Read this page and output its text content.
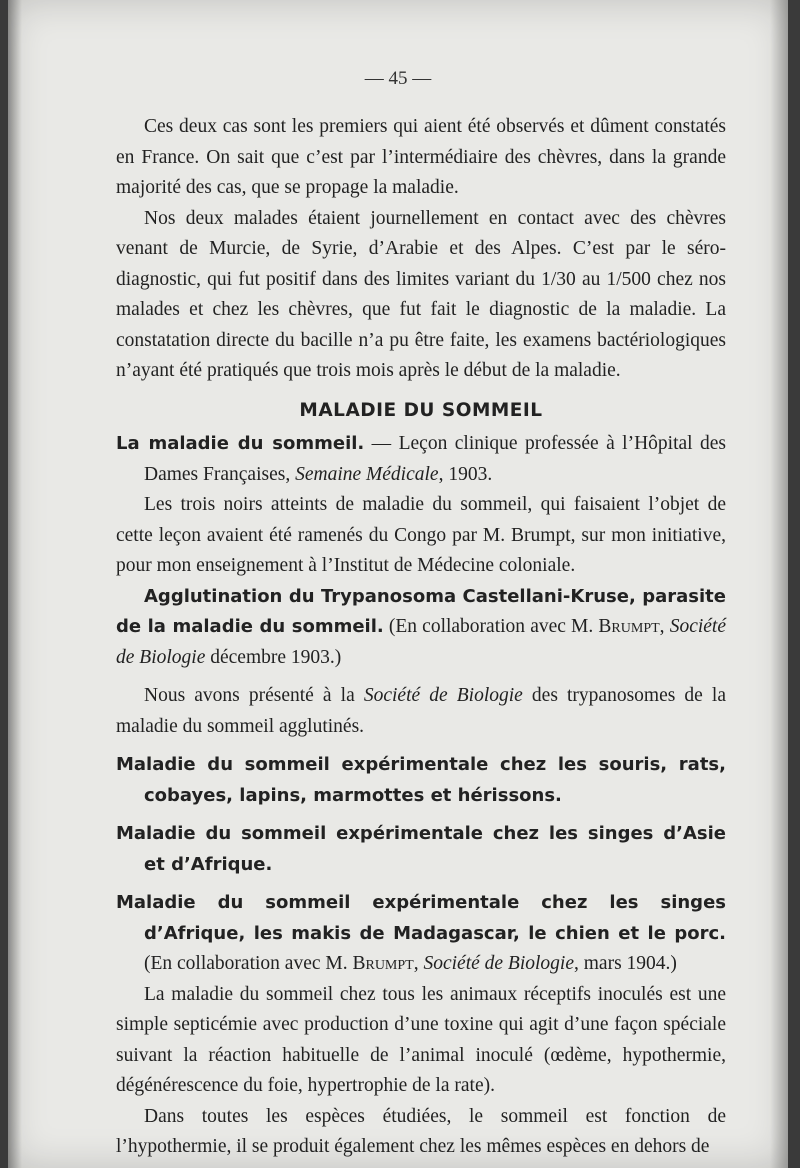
— 45 —

Ces deux cas sont les premiers qui aient été observés et dûment constatés en France. On sait que c’est par l’intermédiaire des chèvres, dans la grande majorité des cas, que se propage la maladie.

Nos deux malades étaient journellement en contact avec des chèvres venant de Murcie, de Syrie, d’Arabie et des Alpes. C’est par le séro-diagnostic, qui fut positif dans des limites variant du 1/30 au 1/500 chez nos malades et chez les chèvres, que fut fait le diagnostic de la maladie. La constatation directe du bacille n’a pu être faite, les examens bactériologiques n’ayant été pratiqués que trois mois après le début de la maladie.

MALADIE DU SOMMEIL

La maladie du sommeil. — Leçon clinique professée à l’Hôpital des Dames Françaises, Semaine Médicale, 1903.

Les trois noirs atteints de maladie du sommeil, qui faisaient l’objet de cette leçon avaient été ramenés du Congo par M. Brumpt, sur mon initiative, pour mon enseignement à l’Institut de Médecine coloniale.

Agglutination du Trypanosoma Castellani-Kruse, parasite de la maladie du sommeil. (En collaboration avec M. Brumpt, Société de Biologie décembre 1903.)

Nous avons présenté à la Société de Biologie des trypanosomes de la maladie du sommeil agglutinés.

Maladie du sommeil expérimentale chez les souris, rats, cobayes, lapins, marmottes et hérissons.

Maladie du sommeil expérimentale chez les singes d’Asie et d’Afrique.

Maladie du sommeil expérimentale chez les singes d’Afrique, les makis de Madagascar, le chien et le porc. (En collaboration avec M. Brumpt, Société de Biologie, mars 1904.)

La maladie du sommeil chez tous les animaux réceptifs inoculés est une simple septicémie avec production d’une toxine qui agit d’une façon spéciale suivant la réaction habituelle de l’animal inoculé (œdème, hypothermie, dégénérescence du foie, hypertrophie de la rate).

Dans toutes les espèces étudiées, le sommeil est fonction de l’hypothermie, il se produit également chez les mêmes espèces en dehors de
